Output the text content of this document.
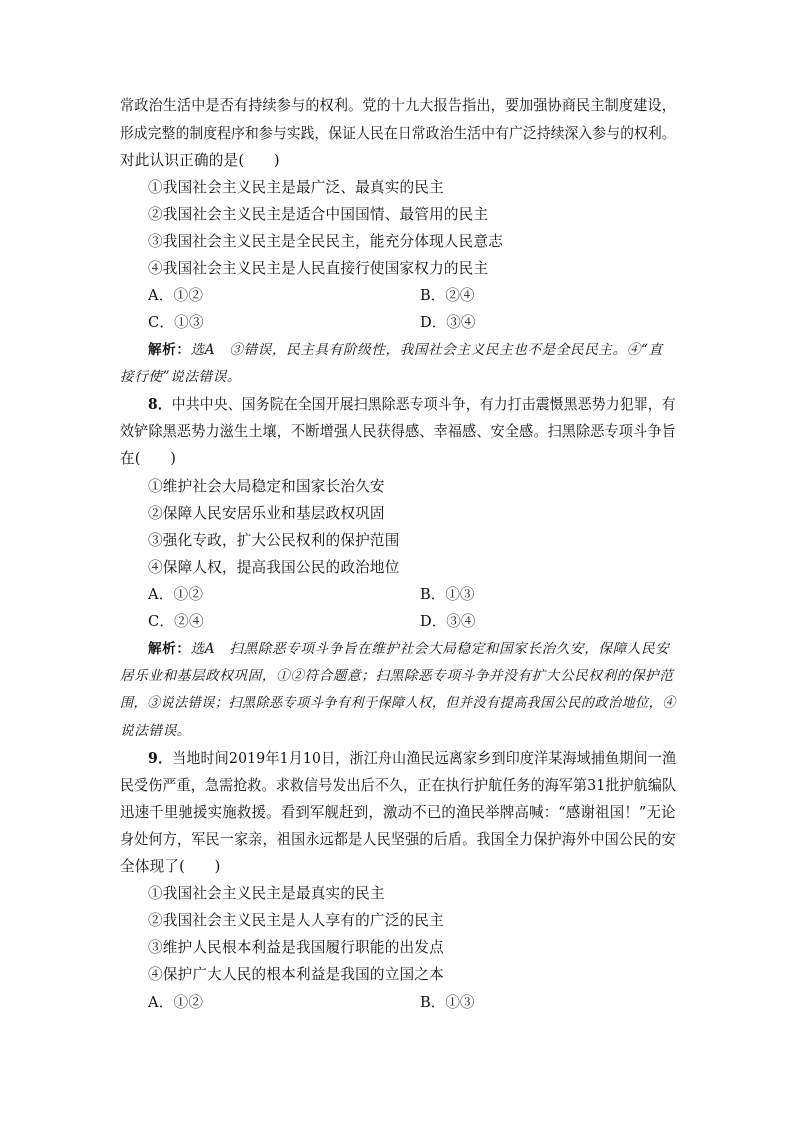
常政治生活中是否有持续参与的权利。党的十九大报告指出，要加强协商民主制度建设，
形成完整的制度程序和参与实践，保证人民在日常政治生活中有广泛持续深入参与的权利。
对此认识正确的是(　　)
①我国社会主义民主是最广泛、最真实的民主
②我国社会主义民主是适合中国国情、最管用的民主
③我国社会主义民主是全民民主，能充分体现人民意志
④我国社会主义民主是人民直接行使国家权力的民主
A．①②	B．②④
C．①③	D．③④
解析：选A　③错误，民主具有阶级性，我国社会主义民主也不是全民民主。④“直
接行使”说法错误。
8．中共中央、国务院在全国开展扫黑除恶专项斗争，有力打击震慑黑恶势力犯罪，有
效铲除黑恶势力滋生土壤，不断增强人民获得感、幸福感、安全感。扫黑除恶专项斗争旨
在(　　)
①维护社会大局稳定和国家长治久安
②保障人民安居乐业和基层政权巩固
③强化专政，扩大公民权利的保护范围
④保障人权，提高我国公民的政治地位
A．①②	B．①③
C．②④	D．③④
解析：选A　扫黑除恶专项斗争旨在维护社会大局稳定和国家长治久安，保障人民安
居乐业和基层政权巩固，①②符合题意；扫黑除恶专项斗争并没有扩大公民权利的保护范
围，③说法错误；扫黑除恶专项斗争有利于保障人权，但并没有提高我国公民的政治地位，④
说法错误。
9．当地时间2019年1月10日，浙江舟山渔民远离家乡到印度洋某海域捕鱼期间一渔
民受伤严重，急需抢救。求救信号发出后不久，正在执行护航任务的海军第31批护航编队
迅速千里驰援实施救援。看到军舰赶到，激动不已的渔民举牌高喊：“感谢祖国！”无论
身处何方，军民一家亲，祖国永远都是人民坚强的后盾。我国全力保护海外中国公民的安
全体现了(　　)
①我国社会主义民主是最真实的民主
②我国社会主义民主是人人享有的广泛的民主
③维护人民根本利益是我国履行职能的出发点
④保护广大人民的根本利益是我国的立国之本
A．①②	B．①③
